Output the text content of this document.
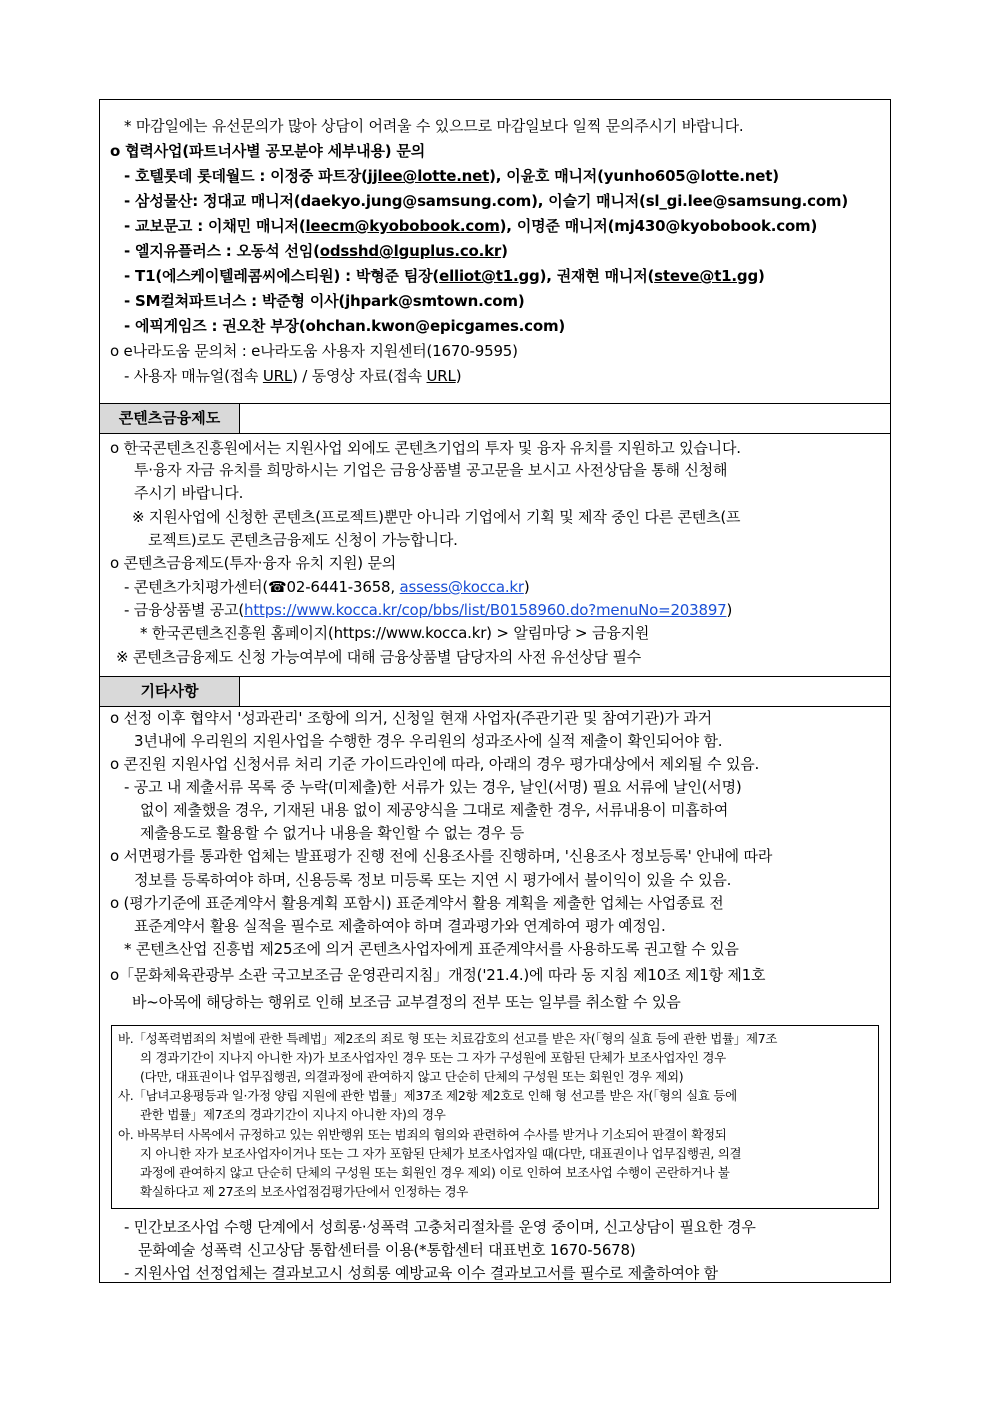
* 마감일에는 유선문의가 많아 상담이 어려울 수 있으므로 마감일보다 일찍 문의주시기 바랍니다.
o 협력사업(파트너사별 공모분야 세부내용) 문의
- 호텔롯데 롯데월드 : 이정중 파트장(jjlee@lotte.net), 이윤호 매니저(yunho605@lotte.net)
- 삼성물산: 정대교 매니저(daekyo.jung@samsung.com), 이슬기 매니저(sl_gi.lee@samsung.com)
- 교보문고 : 이채민 매니저(leecm@kyobobook.com), 이명준 매니저(mj430@kyobobook.com)
- 엘지유플러스 : 오동석 선임(odsshd@lguplus.co.kr)
- T1(에스케이텔레콤씨에스티원) : 박형준 팀장(elliot@t1.gg), 권재현 매니저(steve@t1.gg)
- SM컬쳐파트너스 : 박준형 이사(jhpark@smtown.com)
- 에픽게임즈 : 권오찬 부장(ohchan.kwon@epicgames.com)
o e나라도움 문의처 : e나라도움 사용자 지원센터(1670-9595)
- 사용자 매뉴얼(접속 URL) / 동영상 자료(접속 URL)
콘텐츠금융제도
o 한국콘텐츠진흥원에서는 지원사업 외에도 콘텐츠기업의 투자 및 융자 유치를 지원하고 있습니다.
투·융자 자금 유치를 희망하시는 기업은 금융상품별 공고문을 보시고 사전상담을 통해 신청해
주시기 바랍니다.
※ 지원사업에 신청한 콘텐츠(프로젝트)뿐만 아니라 기업에서 기획 및 제작 중인 다른 콘텐츠(프
로젝트)로도 콘텐츠금융제도 신청이 가능합니다.
o 콘텐츠금융제도(투자·융자 유치 지원) 문의
- 콘텐츠가치평가센터(☎02-6441-3658, assess@kocca.kr)
- 금융상품별 공고(https://www.kocca.kr/cop/bbs/list/B0158960.do?menuNo=203897)
* 한국콘텐츠진흥원 홈페이지(https://www.kocca.kr) > 알림마당 > 금융지원
※ 콘텐츠금융제도 신청 가능여부에 대해 금융상품별 담당자의 사전 유선상담 필수
기타사항
o 선정 이후 협약서 '성과관리' 조항에 의거, 신청일 현재 사업자(주관기관 및 참여기관)가 과거
3년내에 우리원의 지원사업을 수행한 경우 우리원의 성과조사에 실적 제출이 확인되어야 함.
o 콘진원 지원사업 신청서류 처리 기준 가이드라인에 따라, 아래의 경우 평가대상에서 제외될 수 있음.
- 공고 내 제출서류 목록 중 누락(미제출)한 서류가 있는 경우, 날인(서명) 필요 서류에 날인(서명)
없이 제출했을 경우, 기재된 내용 없이 제공양식을 그대로 제출한 경우, 서류내용이 미흡하여
제출용도로 활용할 수 없거나 내용을 확인할 수 없는 경우 등
o 서면평가를 통과한 업체는 발표평가 진행 전에 신용조사를 진행하며, '신용조사 정보등록' 안내에 따라
정보를 등록하여야 하며, 신용등록 정보 미등록 또는 지연 시 평가에서 불이익이 있을 수 있음.
o (평가기준에 표준계약서 활용계획 포함시) 표준계약서 활용 계획을 제출한 업체는 사업종료 전
표준계약서 활용 실적을 필수로 제출하여야 하며 결과평가와 연계하여 평가 예정임.
* 콘텐츠산업 진흥법 제25조에 의거 콘텐츠사업자에게 표준계약서를 사용하도록 권고할 수 있음
o「문화체육관광부 소관 국고보조금 운영관리지침」개정('21.4.)에 따라 동 지침 제10조 제1항 제1호
바~아목에 해당하는 행위로 인해 보조금 교부결정의 전부 또는 일부를 취소할 수 있음
바.「성폭력범죄의 처벌에 관한 특례법」제2조의 죄로 형 또는 치료감호의 선고를 받은 자(「형의 실효 등에 관한 법률」제7조
의 경과기간이 지나지 아니한 자)가 보조사업자인 경우 또는 그 자가 구성원에 포함된 단체가 보조사업자인 경우
(다만, 대표권이나 업무집행권, 의결과정에 관여하지 않고 단순히 단체의 구성원 또는 회원인 경우 제외)
사.「남녀고용평등과 일·가정 양립 지원에 관한 법률」제37조 제2항 제2호로 인해 형 선고를 받은 자(「형의 실효 등에
관한 법률」제7조의 경과기간이 지나지 아니한 자)의 경우
아. 바목부터 사목에서 규정하고 있는 위반행위 또는 범죄의 혐의와 관련하여 수사를 받거나 기소되어 판결이 확정되
지 아니한 자가 보조사업자이거나 또는 그 자가 포함된 단체가 보조사업자일 때(다만, 대표권이나 업무집행권, 의결
과정에 관여하지 않고 단순히 단체의 구성원 또는 회원인 경우 제외) 이로 인하여 보조사업 수행이 곤란하거나 불
확실하다고 제 27조의 보조사업점검평가단에서 인정하는 경우
- 민간보조사업 수행 단계에서 성희롱·성폭력 고충처리절차를 운영 중이며, 신고상담이 필요한 경우
문화예술 성폭력 신고상담 통합센터를 이용(*통합센터 대표번호 1670-5678)
- 지원사업 선정업체는 결과보고시 성희롱 예방교육 이수 결과보고서를 필수로 제출하여야 함
